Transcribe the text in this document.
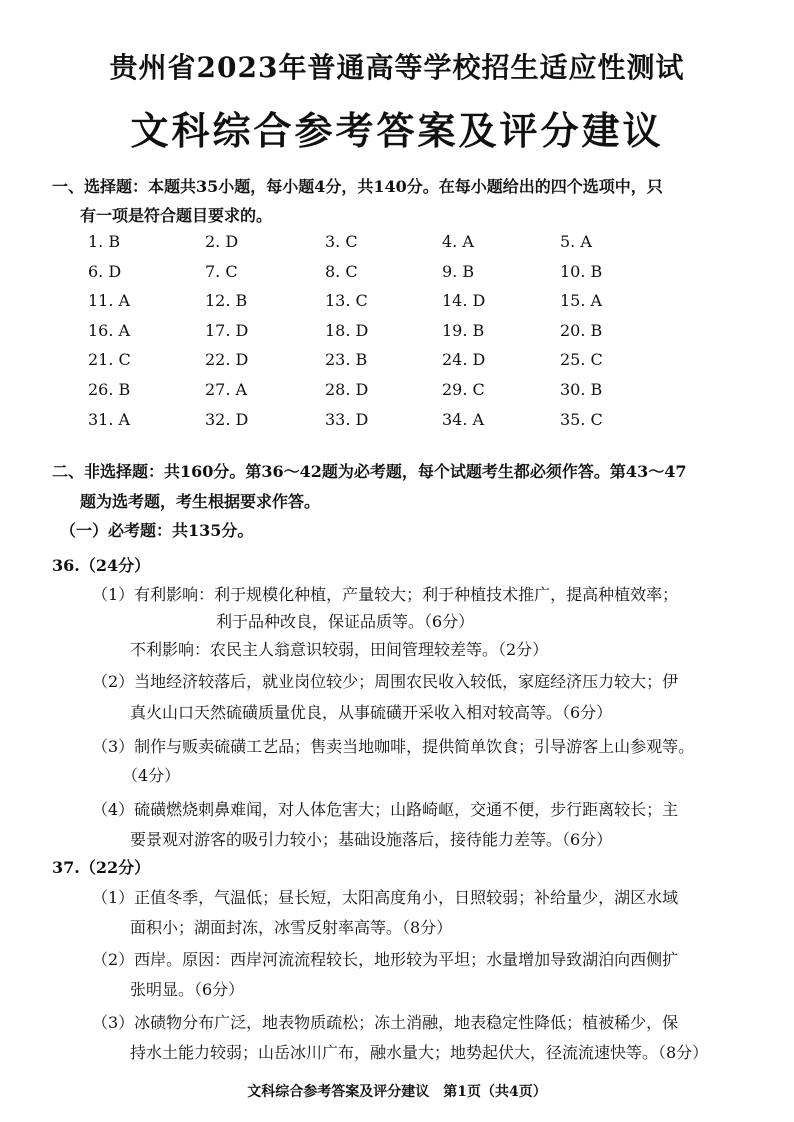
贵州省2023年普通高等学校招生适应性测试
文科综合参考答案及评分建议
一、选择题：本题共35小题，每小题4分，共140分。在每小题给出的四个选项中，只
有一项是符合题目要求的。
1. B	2. D	3. C	4. A	5. A
6. D	7. C	8. C	9. B	10. B
11. A	12. B	13. C	14. D	15. A
16. A	17. D	18. D	19. B	20. B
21. C	22. D	23. B	24. D	25. C
26. B	27. A	28. D	29. C	30. B
31. A	32. D	33. D	34. A	35. C
二、非选择题：共160分。第36～42题为必考题，每个试题考生都必须作答。第43～47
题为选考题，考生根据要求作答。
（一）必考题：共135分。
36.（24分）
（1）有利影响：利于规模化种植，产量较大；利于种植技术推广，提高种植效率；
利于品种改良，保证品质等。（6分）
不利影响：农民主人翁意识较弱，田间管理较差等。（2分）
（2）当地经济较落后，就业岗位较少；周围农民收入较低，家庭经济压力较大；伊
真火山口天然硫磺质量优良，从事硫磺开采收入相对较高等。（6分）
（3）制作与贩卖硫磺工艺品；售卖当地咖啡，提供简单饮食；引导游客上山参观等。
（4分）
（4）硫磺燃烧刺鼻难闻，对人体危害大；山路崎岖，交通不便，步行距离较长；主
要景观对游客的吸引力较小；基础设施落后，接待能力差等。（6分）
37.（22分）
（1）正值冬季，气温低；昼长短，太阳高度角小，日照较弱；补给量少，湖区水域
面积小；湖面封冻，冰雪反射率高等。（8分）
（2）西岸。原因：西岸河流流程较长，地形较为平坦；水量增加导致湖泊向西侧扩
张明显。（6分）
（3）冰碛物分布广泛，地表物质疏松；冻土消融，地表稳定性降低；植被稀少，保
持水土能力较弱；山岳冰川广布，融水量大；地势起伏大，径流流速快等。（8分）
文科综合参考答案及评分建议　第1页（共4页）
